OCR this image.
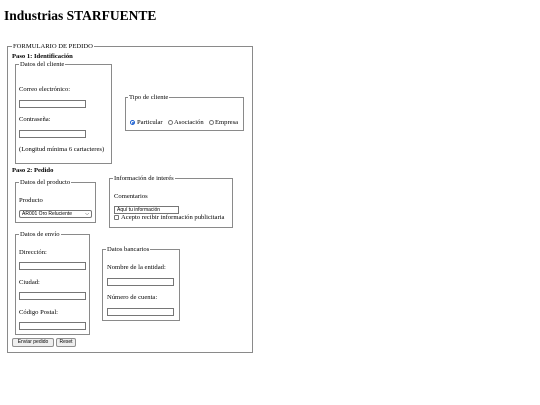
Industrias STARFUENTE
FORMULARIO DE PEDIDO
Paso 1: Identificación
Datos del cliente
Correo electrónico:
Contraseña:
(Longitud mínima 6 cartacteres)
Tipo de cliente
Particular Asociación Empresa
Paso 2: Pedido
Datos del producto
Producto
AR001 Oro Reluciente	⌵
Información de interés
Comentarios
Aquí tu información
Acepto recibir información publicitaria
Datos de envío
Dirección:
Ciudad:
Código Postal:
Datos bancarios
Nombre de la entidad:
Número de cuenta:
Enviar pedido	Reset
